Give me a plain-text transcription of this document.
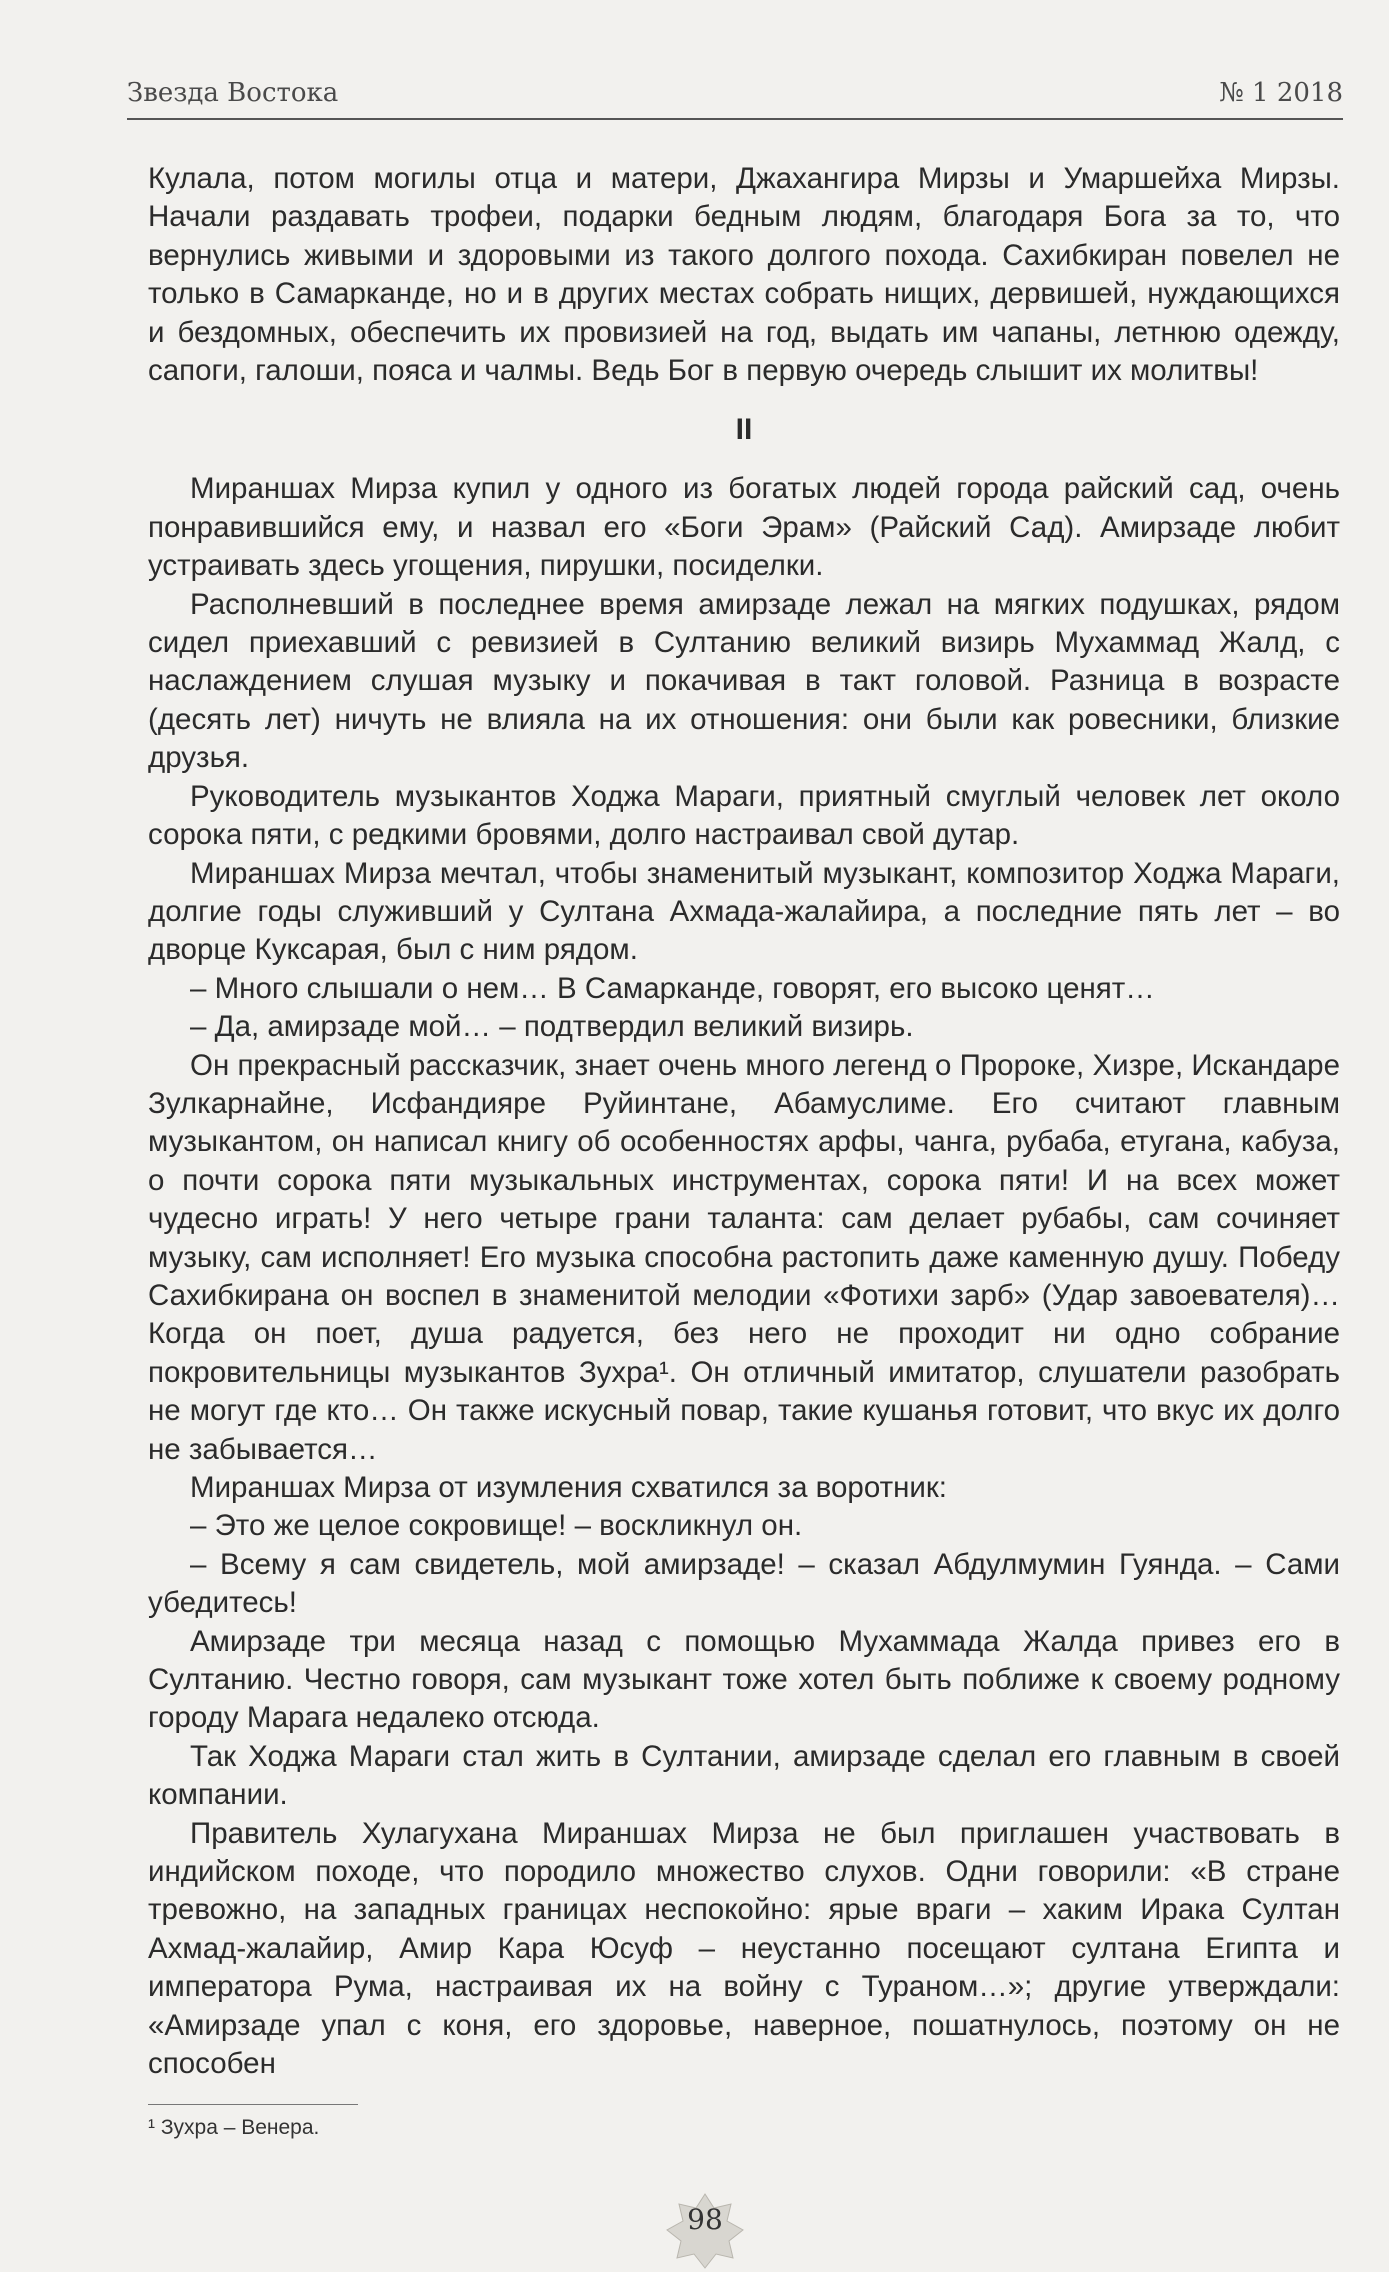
Звезда Востока	№ 1 2018

Кулала, потом могилы отца и матери, Джахангира Мирзы и Умаршейха Мирзы. Начали раздавать трофеи, подарки бедным людям, благодаря Бога за то, что вернулись живыми и здоровыми из такого долгого похода. Сахибкиран повелел не только в Самарканде, но и в других местах собрать нищих, дервишей, нуждающихся и бездомных, обеспечить их провизией на год, выдать им чапаны, летнюю одежду, сапоги, галоши, пояса и чалмы. Ведь Бог в первую очередь слышит их молитвы!

II

Мираншах Мирза купил у одного из богатых людей города райский сад, очень понравившийся ему, и назвал его «Боги Эрам» (Райский Сад). Амирзаде любит устраивать здесь угощения, пирушки, посиделки.

Располневший в последнее время амирзаде лежал на мягких подушках, рядом сидел приехавший с ревизией в Султанию великий визирь Мухаммад Жалд, с наслаждением слушая музыку и покачивая в такт головой. Разница в возрасте (десять лет) ничуть не влияла на их отношения: они были как ровесники, близкие друзья.

Руководитель музыкантов Ходжа Мараги, приятный смуглый человек лет около сорока пяти, с редкими бровями, долго настраивал свой дутар.

Мираншах Мирза мечтал, чтобы знаменитый музыкант, композитор Ходжа Мараги, долгие годы служивший у Султана Ахмада-жалайира, а последние пять лет – во дворце Куксарая, был с ним рядом.

– Много слышали о нем… В Самарканде, говорят, его высоко ценят…

– Да, амирзаде мой… – подтвердил великий визирь.

Он прекрасный рассказчик, знает очень много легенд о Пророке, Хизре, Искандаре Зулкарнайне, Исфандияре Руйинтане, Абамуслиме. Его считают главным музыкантом, он написал книгу об особенностях арфы, чанга, рубаба, етугана, кабуза, о почти сорока пяти музыкальных инструментах, сорока пяти! И на всех может чудесно играть! У него четыре грани таланта: сам делает рубабы, сам сочиняет музыку, сам исполняет! Его музыка способна растопить даже каменную душу. Победу Сахибкирана он воспел в знаменитой мелодии «Фотихи зарб» (Удар завоевателя)… Когда он поет, душа радуется, без него не проходит ни одно собрание покровительницы музыкантов Зухра¹. Он отличный имитатор, слушатели разобрать не могут где кто… Он также искусный повар, такие кушанья готовит, что вкус их долго не забывается…

Мираншах Мирза от изумления схватился за воротник:

– Это же целое сокровище! – воскликнул он.

– Всему я сам свидетель, мой амирзаде! – сказал Абдулмумин Гуянда. – Сами убедитесь!

Амирзаде три месяца назад с помощью Мухаммада Жалда привез его в Султанию. Честно говоря, сам музыкант тоже хотел быть поближе к своему родному городу Марага недалеко отсюда.

Так Ходжа Мараги стал жить в Султании, амирзаде сделал его главным в своей компании.

Правитель Хулагухана Мираншах Мирза не был приглашен участвовать в индийском походе, что породило множество слухов. Одни говорили: «В стране тревожно, на западных границах неспокойно: ярые враги – хаким Ирака Султан Ахмад-жалайир, Амир Кара Юсуф – неустанно посещают султана Египта и императора Рума, настраивая их на войну с Тураном…»; другие утверждали: «Амирзаде упал с коня, его здоровье, наверное, пошатнулось, поэтому он не способен

¹ Зухра – Венера.
98
